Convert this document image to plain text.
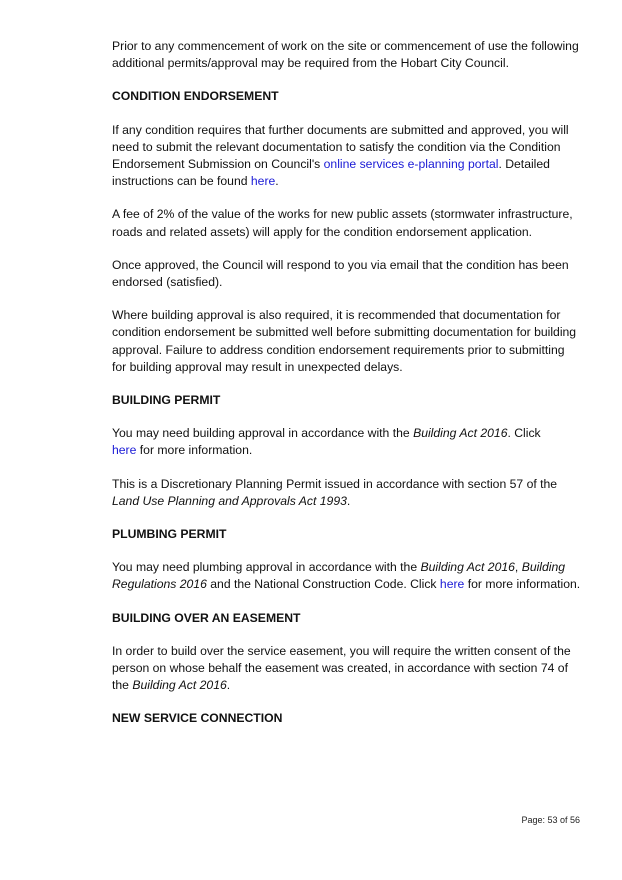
Prior to any commencement of work on the site or commencement of use the following additional permits/approval may be required from the Hobart City Council.

CONDITION ENDORSEMENT

If any condition requires that further documents are submitted and approved, you will need to submit the relevant documentation to satisfy the condition via the Condition Endorsement Submission on Council's online services e-planning portal. Detailed instructions can be found here.

A fee of 2% of the value of the works for new public assets (stormwater infrastructure, roads and related assets) will apply for the condition endorsement application.

Once approved, the Council will respond to you via email that the condition has been endorsed (satisfied).

Where building approval is also required, it is recommended that documentation for condition endorsement be submitted well before submitting documentation for building approval. Failure to address condition endorsement requirements prior to submitting for building approval may result in unexpected delays.

BUILDING PERMIT

You may need building approval in accordance with the Building Act 2016. Click
here for more information.

This is a Discretionary Planning Permit issued in accordance with section 57 of the Land Use Planning and Approvals Act 1993.

PLUMBING PERMIT

You may need plumbing approval in accordance with the Building Act 2016, Building Regulations 2016 and the National Construction Code. Click here for more information.

BUILDING OVER AN EASEMENT

In order to build over the service easement, you will require the written consent of the person on whose behalf the easement was created, in accordance with section 74 of the Building Act 2016.

NEW SERVICE CONNECTION
Page: 53 of 56
